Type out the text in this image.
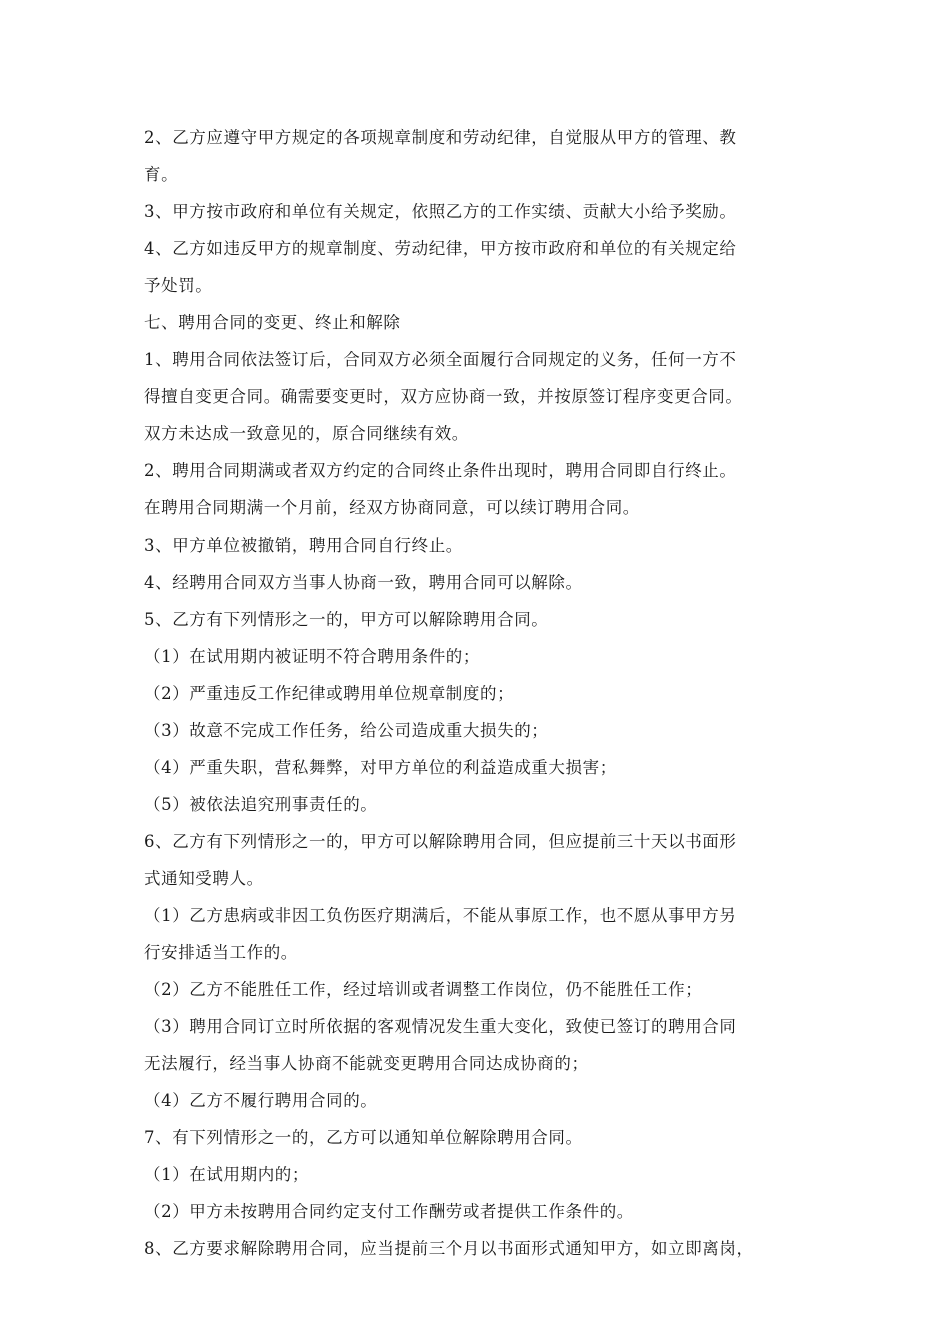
2、乙方应遵守甲方规定的各项规章制度和劳动纪律，自觉服从甲方的管理、教
育。
3、甲方按市政府和单位有关规定，依照乙方的工作实绩、贡献大小给予奖励。
4、乙方如违反甲方的规章制度、劳动纪律，甲方按市政府和单位的有关规定给
予处罚。
七、聘用合同的变更、终止和解除
1、聘用合同依法签订后，合同双方必须全面履行合同规定的义务，任何一方不
得擅自变更合同。确需要变更时，双方应协商一致，并按原签订程序变更合同。
双方未达成一致意见的，原合同继续有效。
2、聘用合同期满或者双方约定的合同终止条件出现时，聘用合同即自行终止。
在聘用合同期满一个月前，经双方协商同意，可以续订聘用合同。
3、甲方单位被撤销，聘用合同自行终止。
4、经聘用合同双方当事人协商一致，聘用合同可以解除。
5、乙方有下列情形之一的，甲方可以解除聘用合同。
（1）在试用期内被证明不符合聘用条件的；
（2）严重违反工作纪律或聘用单位规章制度的；
（3）故意不完成工作任务，给公司造成重大损失的；
（4）严重失职，营私舞弊，对甲方单位的利益造成重大损害；
（5）被依法追究刑事责任的。
6、乙方有下列情形之一的，甲方可以解除聘用合同，但应提前三十天以书面形
式通知受聘人。
（1）乙方患病或非因工负伤医疗期满后，不能从事原工作，也不愿从事甲方另
行安排适当工作的。
（2）乙方不能胜任工作，经过培训或者调整工作岗位，仍不能胜任工作；
（3）聘用合同订立时所依据的客观情况发生重大变化，致使已签订的聘用合同
无法履行，经当事人协商不能就变更聘用合同达成协商的；
（4）乙方不履行聘用合同的。
7、有下列情形之一的，乙方可以通知单位解除聘用合同。
（1）在试用期内的；
（2）甲方未按聘用合同约定支付工作酬劳或者提供工作条件的。
8、乙方要求解除聘用合同，应当提前三个月以书面形式通知甲方，如立即离岗，
